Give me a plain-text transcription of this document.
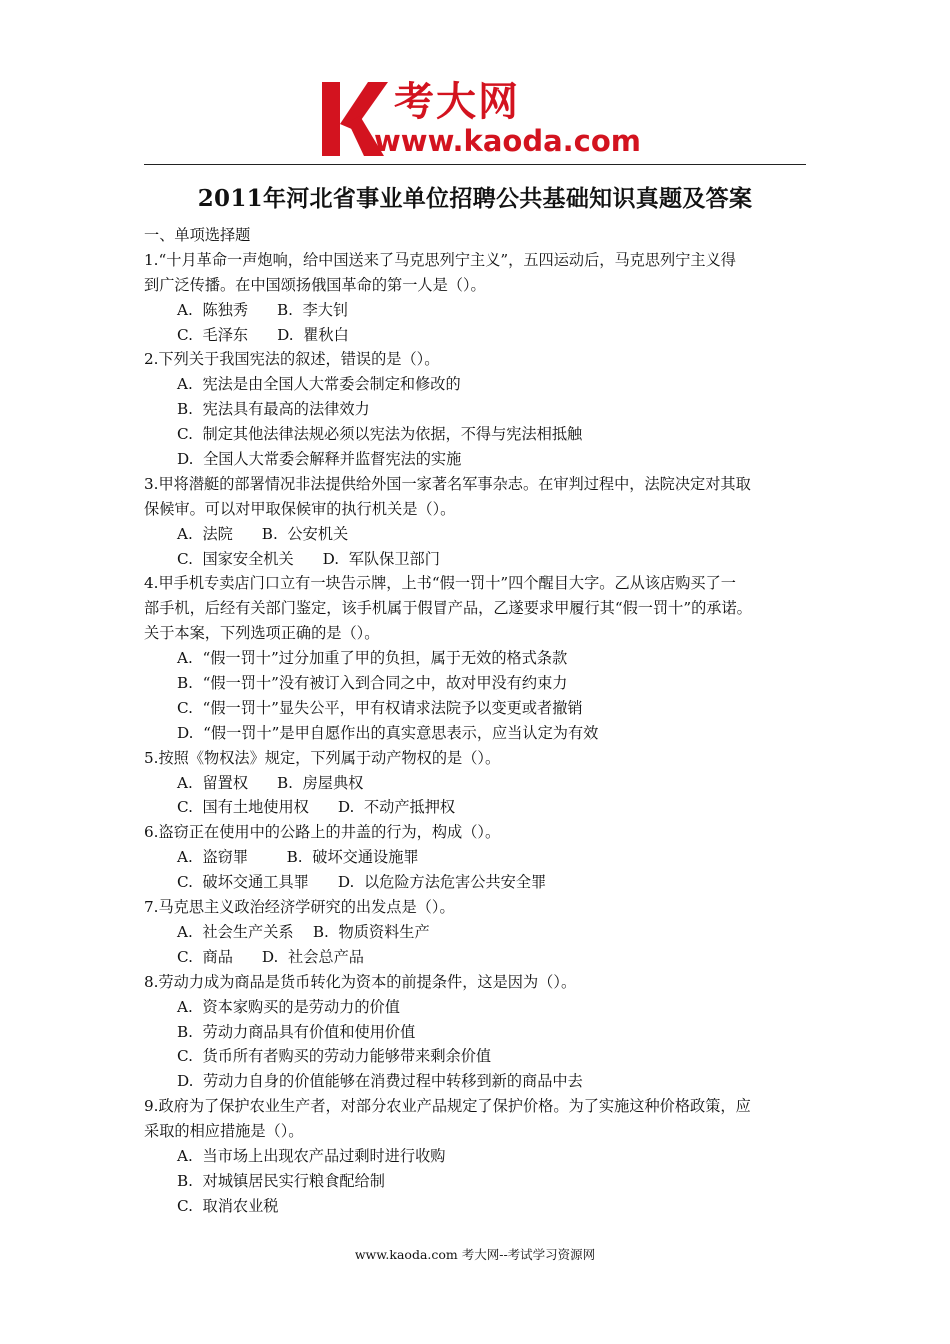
考大网
www.kaoda.com
2011年河北省事业单位招聘公共基础知识真题及答案
一、单项选择题
1.“十月革命一声炮响，给中国送来了马克思列宁主义”，五四运动后，马克思列宁主义得
到广泛传播。在中国颂扬俄国革命的第一人是（）。
A.  陈独秀      B.  李大钊
C.  毛泽东      D.  瞿秋白
2.下列关于我国宪法的叙述，错误的是（）。
A.  宪法是由全国人大常委会制定和修改的
B.  宪法具有最高的法律效力
C.  制定其他法律法规必须以宪法为依据，不得与宪法相抵触
D.  全国人大常委会解释并监督宪法的实施
3.甲将潜艇的部署情况非法提供给外国一家著名军事杂志。在审判过程中，法院决定对其取
保候审。可以对甲取保候审的执行机关是（）。
A.  法院      B.  公安机关
C.  国家安全机关      D.  军队保卫部门
4.甲手机专卖店门口立有一块告示牌，上书“假一罚十”四个醒目大字。乙从该店购买了一
部手机，后经有关部门鉴定，该手机属于假冒产品，乙遂要求甲履行其“假一罚十”的承诺。
关于本案，下列选项正确的是（）。
A.  “假一罚十”过分加重了甲的负担，属于无效的格式条款
B.  “假一罚十”没有被订入到合同之中，故对甲没有约束力
C.  “假一罚十”显失公平，甲有权请求法院予以变更或者撤销
D.  “假一罚十”是甲自愿作出的真实意思表示，应当认定为有效
5.按照《物权法》规定，下列属于动产物权的是（）。
A.  留置权      B.  房屋典权
C.  国有土地使用权      D.  不动产抵押权
6.盗窃正在使用中的公路上的井盖的行为，构成（）。
A.  盗窃罪        B.  破坏交通设施罪
C.  破坏交通工具罪      D.  以危险方法危害公共安全罪
7.马克思主义政治经济学研究的出发点是（）。
A.  社会生产关系    B.  物质资料生产
C.  商品      D.  社会总产品
8.劳动力成为商品是货币转化为资本的前提条件，这是因为（）。
A.  资本家购买的是劳动力的价值
B.  劳动力商品具有价值和使用价值
C.  货币所有者购买的劳动力能够带来剩余价值
D.  劳动力自身的价值能够在消费过程中转移到新的商品中去
9.政府为了保护农业生产者，对部分农业产品规定了保护价格。为了实施这种价格政策，应
采取的相应措施是（）。
A.  当市场上出现农产品过剩时进行收购
B.  对城镇居民实行粮食配给制
C.  取消农业税
www.kaoda.com 考大网--考试学习资源网
